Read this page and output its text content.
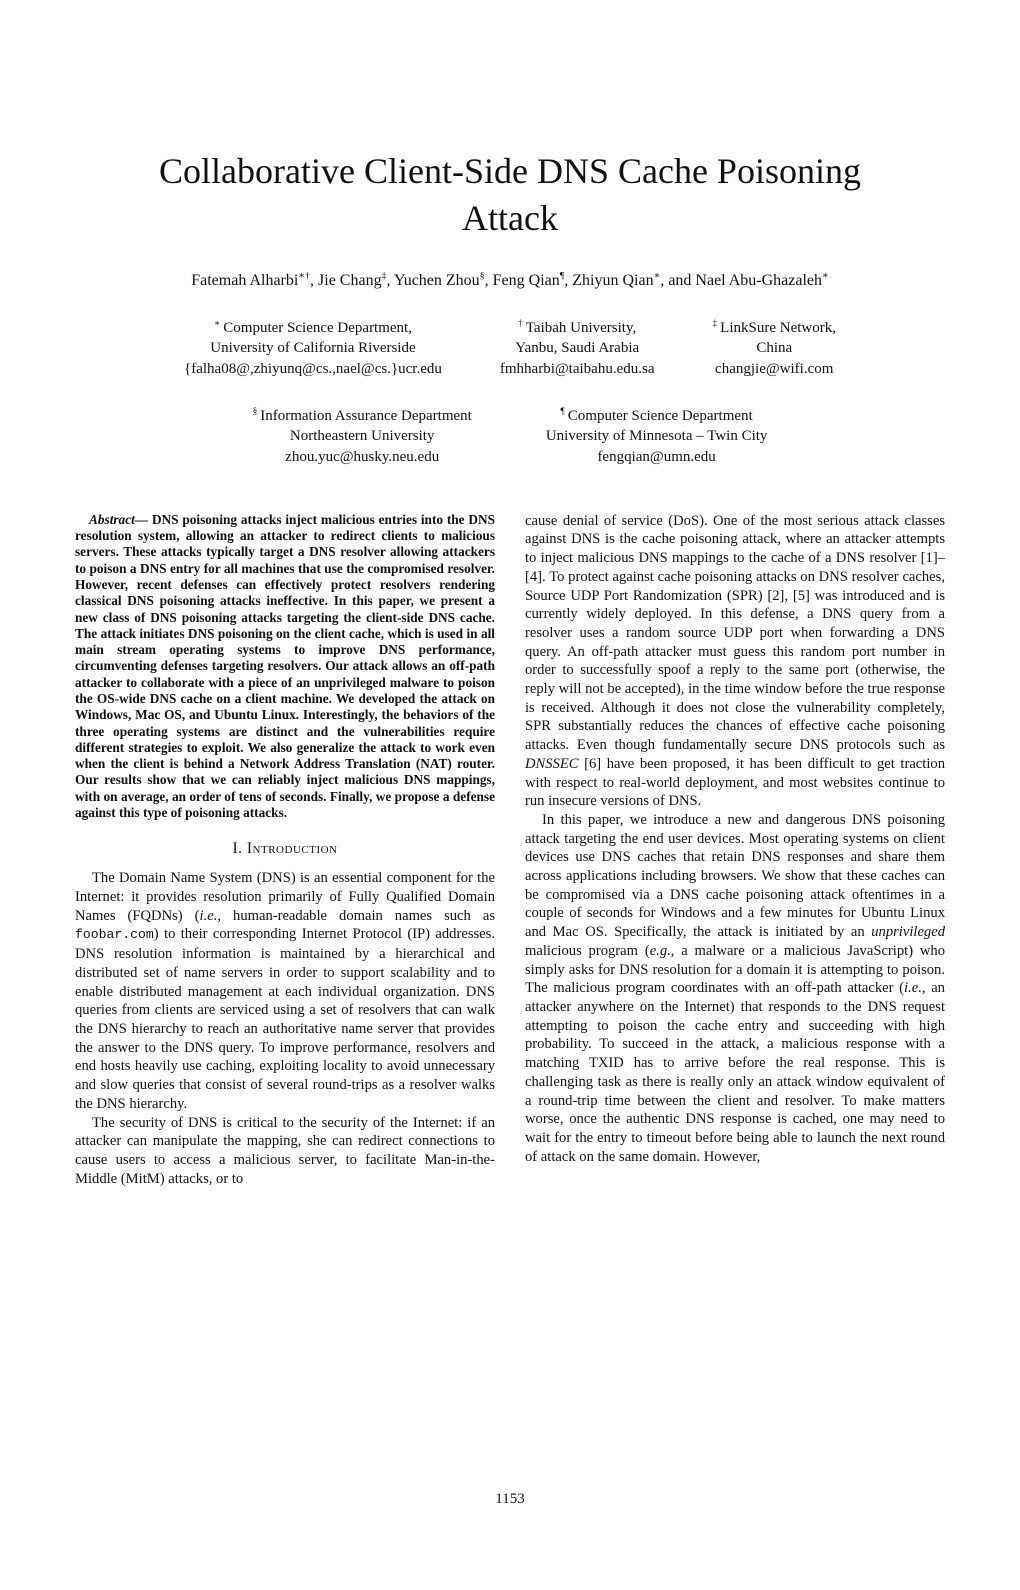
Collaborative Client-Side DNS Cache Poisoning Attack
Fatemah Alharbi∗†, Jie Chang‡, Yuchen Zhou§, Feng Qian¶, Zhiyun Qian∗, and Nael Abu-Ghazaleh∗
∗ Computer Science Department,
University of California Riverside
{falha08@,zhiyunq@cs.,nael@cs.}ucr.edu
† Taibah University,
Yanbu, Saudi Arabia
fmhharbi@taibahu.edu.sa
‡ LinkSure Network,
China
changjie@wifi.com
§ Information Assurance Department
Northeastern University
zhou.yuc@husky.neu.edu
¶ Computer Science Department
University of Minnesota – Twin City
fengqian@umn.edu

Abstract— DNS poisoning attacks inject malicious entries into the DNS resolution system, allowing an attacker to redirect clients to malicious servers. These attacks typically target a DNS resolver allowing attackers to poison a DNS entry for all machines that use the compromised resolver. However, recent defenses can effectively protect resolvers rendering classical DNS poisoning attacks ineffective. In this paper, we present a new class of DNS poisoning attacks targeting the client-side DNS cache. The attack initiates DNS poisoning on the client cache, which is used in all main stream operating systems to improve DNS performance, circumventing defenses targeting resolvers. Our attack allows an off-path attacker to collaborate with a piece of an unprivileged malware to poison the OS-wide DNS cache on a client machine. We developed the attack on Windows, Mac OS, and Ubuntu Linux. Interestingly, the behaviors of the three operating systems are distinct and the vulnerabilities require different strategies to exploit. We also generalize the attack to work even when the client is behind a Network Address Translation (NAT) router. Our results show that we can reliably inject malicious DNS mappings, with on average, an order of tens of seconds. Finally, we propose a defense against this type of poisoning attacks.

I. Introduction

The Domain Name System (DNS) is an essential component for the Internet: it provides resolution primarily of Fully Qualified Domain Names (FQDNs) (i.e., human-readable domain names such as foobar.com) to their corresponding Internet Protocol (IP) addresses. DNS resolution information is maintained by a hierarchical and distributed set of name servers in order to support scalability and to enable distributed management at each individual organization. DNS queries from clients are serviced using a set of resolvers that can walk the DNS hierarchy to reach an authoritative name server that provides the answer to the DNS query. To improve performance, resolvers and end hosts heavily use caching, exploiting locality to avoid unnecessary and slow queries that consist of several round-trips as a resolver walks the DNS hierarchy.

The security of DNS is critical to the security of the Internet: if an attacker can manipulate the mapping, she can redirect connections to cause users to access a malicious server, to facilitate Man-in-the-Middle (MitM) attacks, or to

cause denial of service (DoS). One of the most serious attack classes against DNS is the cache poisoning attack, where an attacker attempts to inject malicious DNS mappings to the cache of a DNS resolver [1]–[4]. To protect against cache poisoning attacks on DNS resolver caches, Source UDP Port Randomization (SPR) [2], [5] was introduced and is currently widely deployed. In this defense, a DNS query from a resolver uses a random source UDP port when forwarding a DNS query. An off-path attacker must guess this random port number in order to successfully spoof a reply to the same port (otherwise, the reply will not be accepted), in the time window before the true response is received. Although it does not close the vulnerability completely, SPR substantially reduces the chances of effective cache poisoning attacks. Even though fundamentally secure DNS protocols such as DNSSEC [6] have been proposed, it has been difficult to get traction with respect to real-world deployment, and most websites continue to run insecure versions of DNS.

In this paper, we introduce a new and dangerous DNS poisoning attack targeting the end user devices. Most operating systems on client devices use DNS caches that retain DNS responses and share them across applications including browsers. We show that these caches can be compromised via a DNS cache poisoning attack oftentimes in a couple of seconds for Windows and a few minutes for Ubuntu Linux and Mac OS. Specifically, the attack is initiated by an unprivileged malicious program (e.g., a malware or a malicious JavaScript) who simply asks for DNS resolution for a domain it is attempting to poison. The malicious program coordinates with an off-path attacker (i.e., an attacker anywhere on the Internet) that responds to the DNS request attempting to poison the cache entry and succeeding with high probability. To succeed in the attack, a malicious response with a matching TXID has to arrive before the real response. This is challenging task as there is really only an attack window equivalent of a round-trip time between the client and resolver. To make matters worse, once the authentic DNS response is cached, one may need to wait for the entry to timeout before being able to launch the next round of attack on the same domain. However,

1153
